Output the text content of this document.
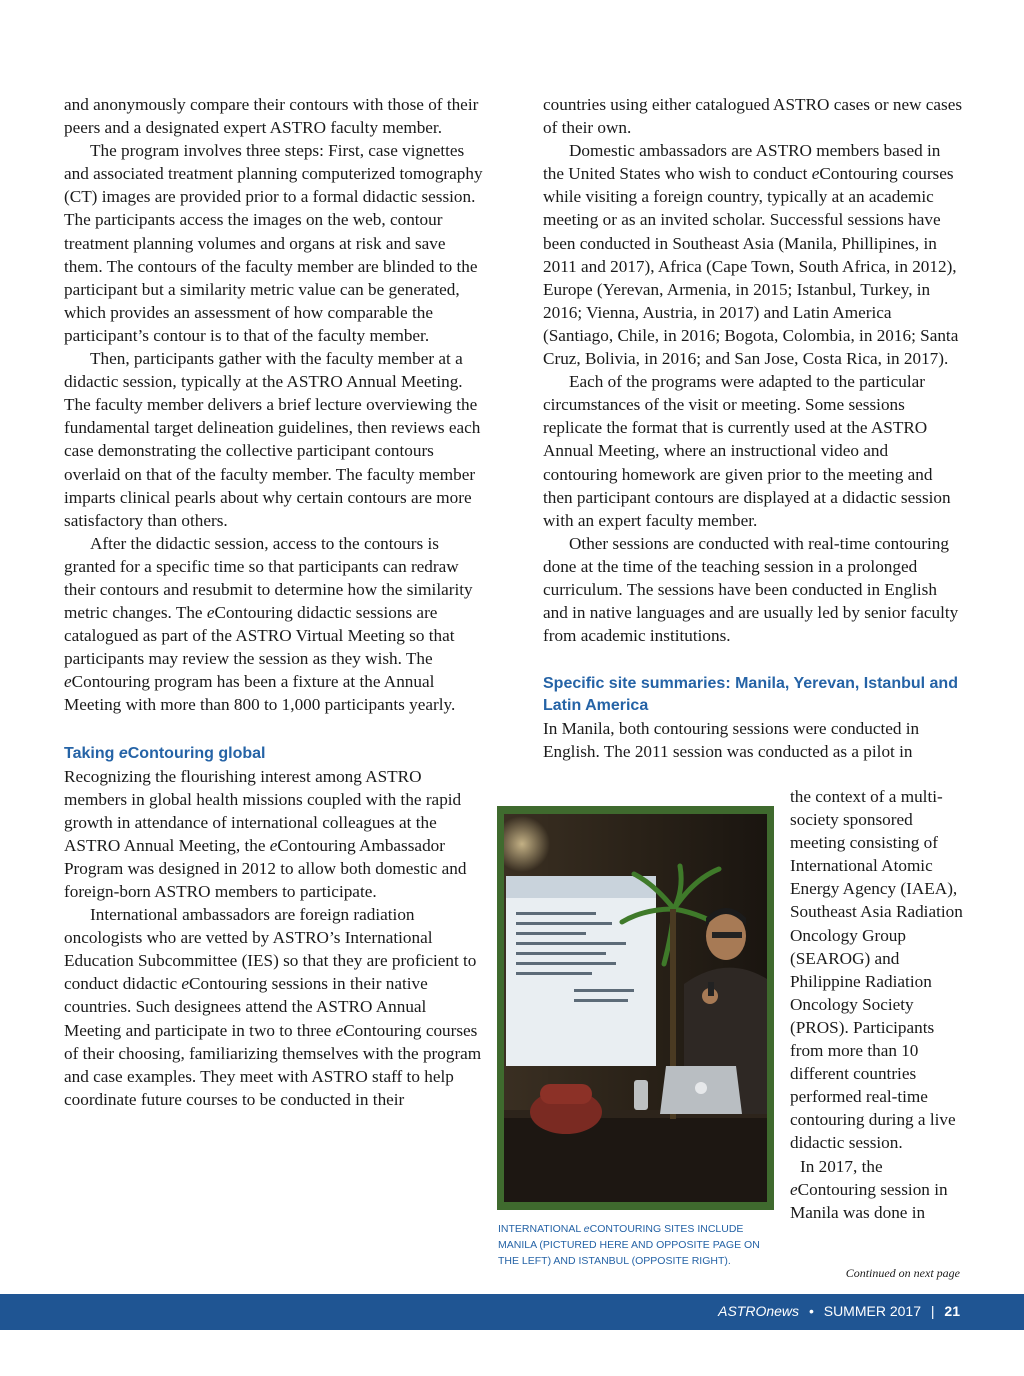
and anonymously compare their contours with those of their peers and a designated expert ASTRO faculty member.

The program involves three steps: First, case vignettes and associated treatment planning computerized tomography (CT) images are provided prior to a formal didactic session. The participants access the images on the web, contour treatment planning volumes and organs at risk and save them. The contours of the faculty member are blinded to the participant but a similarity metric value can be generated, which provides an assessment of how comparable the participant’s contour is to that of the faculty member.

Then, participants gather with the faculty member at a didactic session, typically at the ASTRO Annual Meeting. The faculty member delivers a brief lecture overviewing the fundamental target delineation guidelines, then reviews each case demonstrating the collective participant contours overlaid on that of the faculty member. The faculty member imparts clinical pearls about why certain contours are more satisfactory than others.

After the didactic session, access to the contours is granted for a specific time so that participants can redraw their contours and resubmit to determine how the similarity metric changes. The eContouring didactic sessions are catalogued as part of the ASTRO Virtual Meeting so that participants may review the session as they wish. The eContouring program has been a fixture at the Annual Meeting with more than 800 to 1,000 participants yearly.

Taking eContouring global

Recognizing the flourishing interest among ASTRO members in global health missions coupled with the rapid growth in attendance of international colleagues at the ASTRO Annual Meeting, the eContouring Ambassador Program was designed in 2012 to allow both domestic and foreign-born ASTRO members to participate.

International ambassadors are foreign radiation oncologists who are vetted by ASTRO’s International Education Subcommittee (IES) so that they are proficient to conduct didactic eContouring sessions in their native countries. Such designees attend the ASTRO Annual Meeting and participate in two to three eContouring courses of their choosing, familiarizing themselves with the program and case examples. They meet with ASTRO staff to help coordinate future courses to be conducted in their

countries using either catalogued ASTRO cases or new cases of their own.

Domestic ambassadors are ASTRO members based in the United States who wish to conduct eContouring courses while visiting a foreign country, typically at an academic meeting or as an invited scholar. Successful sessions have been conducted in Southeast Asia (Manila, Phillipines, in 2011 and 2017), Africa (Cape Town, South Africa, in 2012), Europe (Yerevan, Armenia, in 2015; Istanbul, Turkey, in 2016; Vienna, Austria, in 2017) and Latin America (Santiago, Chile, in 2016; Bogota, Colombia, in 2016; Santa Cruz, Bolivia, in 2016; and San Jose, Costa Rica, in 2017).

Each of the programs were adapted to the particular circumstances of the visit or meeting. Some sessions replicate the format that is currently used at the ASTRO Annual Meeting, where an instructional video and contouring homework are given prior to the meeting and then participant contours are displayed at a didactic session with an expert faculty member.

Other sessions are conducted with real-time contouring done at the time of the teaching session in a prolonged curriculum. The sessions have been conducted in English and in native languages and are usually led by senior faculty from academic institutions.

Specific site summaries: Manila, Yerevan, Istanbul and Latin America

In Manila, both contouring sessions were conducted in English. The 2011 session was conducted as a pilot in

the context of a multi-society sponsored meeting consisting of International Atomic Energy Agency (IAEA), Southeast Asia Radiation Oncology Group (SEAROG) and Philippine Radiation Oncology Society (PROS). Participants from more than 10 different countries performed real-time contouring during a live didactic session.

In 2017, the eContouring session in Manila was done in

INTERNATIONAL eCONTOURING SITES INCLUDE MANILA (PICTURED HERE AND OPPOSITE PAGE ON THE LEFT) AND ISTANBUL (OPPOSITE RIGHT).
Continued on next page
ASTROnews • SUMMER 2017 | 21
